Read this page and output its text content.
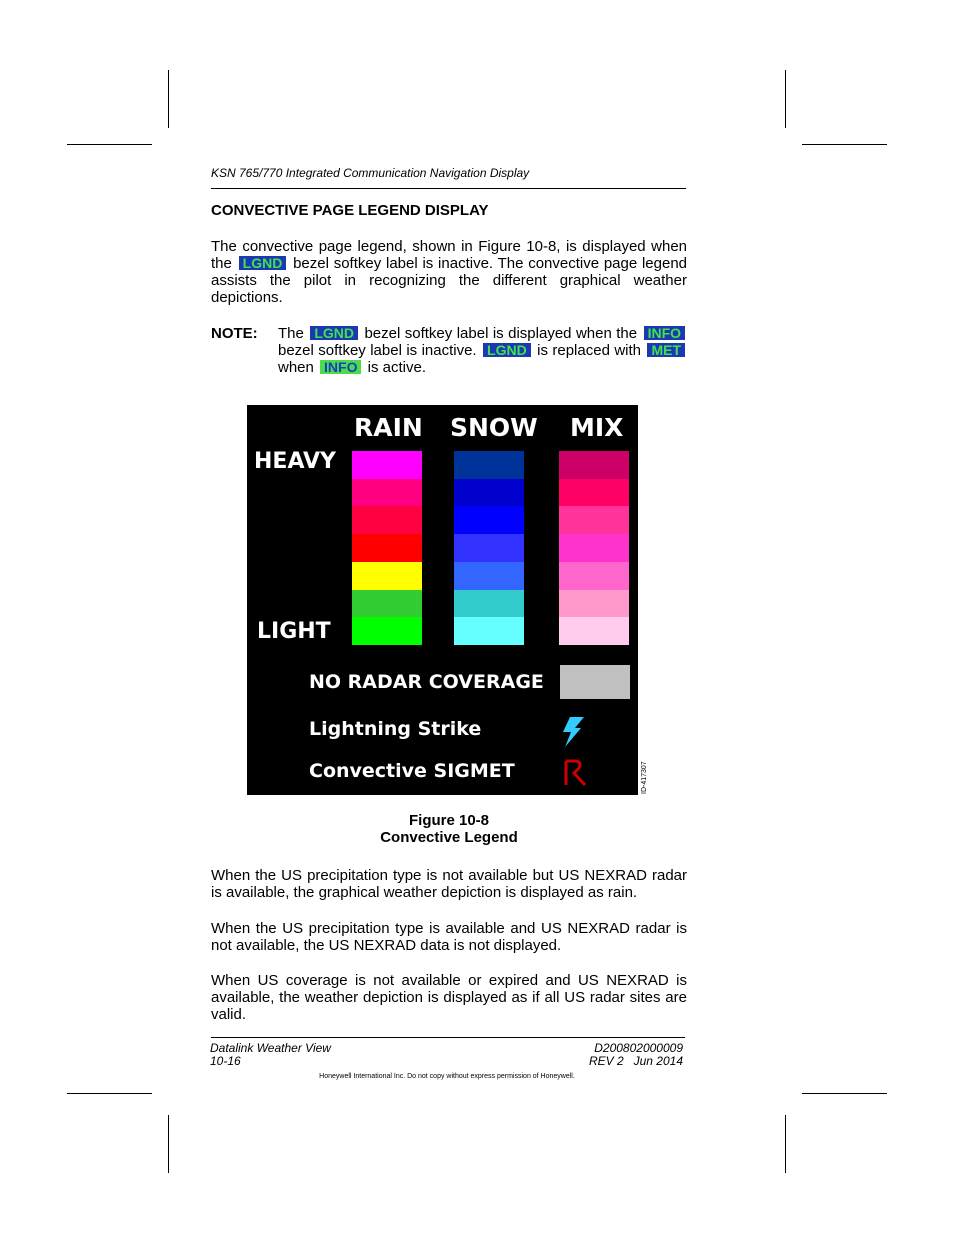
KSN 765/770 Integrated Communication Navigation Display
CONVECTIVE PAGE LEGEND DISPLAY
The convective page legend, shown in Figure 10-8, is displayed when
the LGND bezel softkey label is inactive. The convective page legend
assists the pilot in recognizing the different graphical weather
depictions.
NOTE: The LGND bezel softkey label is displayed when the INFO
bezel softkey label is inactive. LGND is replaced with MET
when INFO is active.
RAIN SNOW MIX
HEAVY
LIGHT
NO RADAR COVERAGE
Lightning Strike
Convective SIGMET	ID-417307
Figure 10-8
Convective Legend
When the US precipitation type is not available but US NEXRAD radar
is available, the graphical weather depiction is displayed as rain.
When the US precipitation type is available and US NEXRAD radar is
not available, the US NEXRAD data is not displayed.
When US coverage is not available or expired and US NEXRAD is
available, the weather depiction is displayed as if all US radar sites are
valid.
Datalink Weather View
10-16
D200802000009
REV 2   Jun 2014
Honeywell International Inc. Do not copy without express permission of Honeywell.
